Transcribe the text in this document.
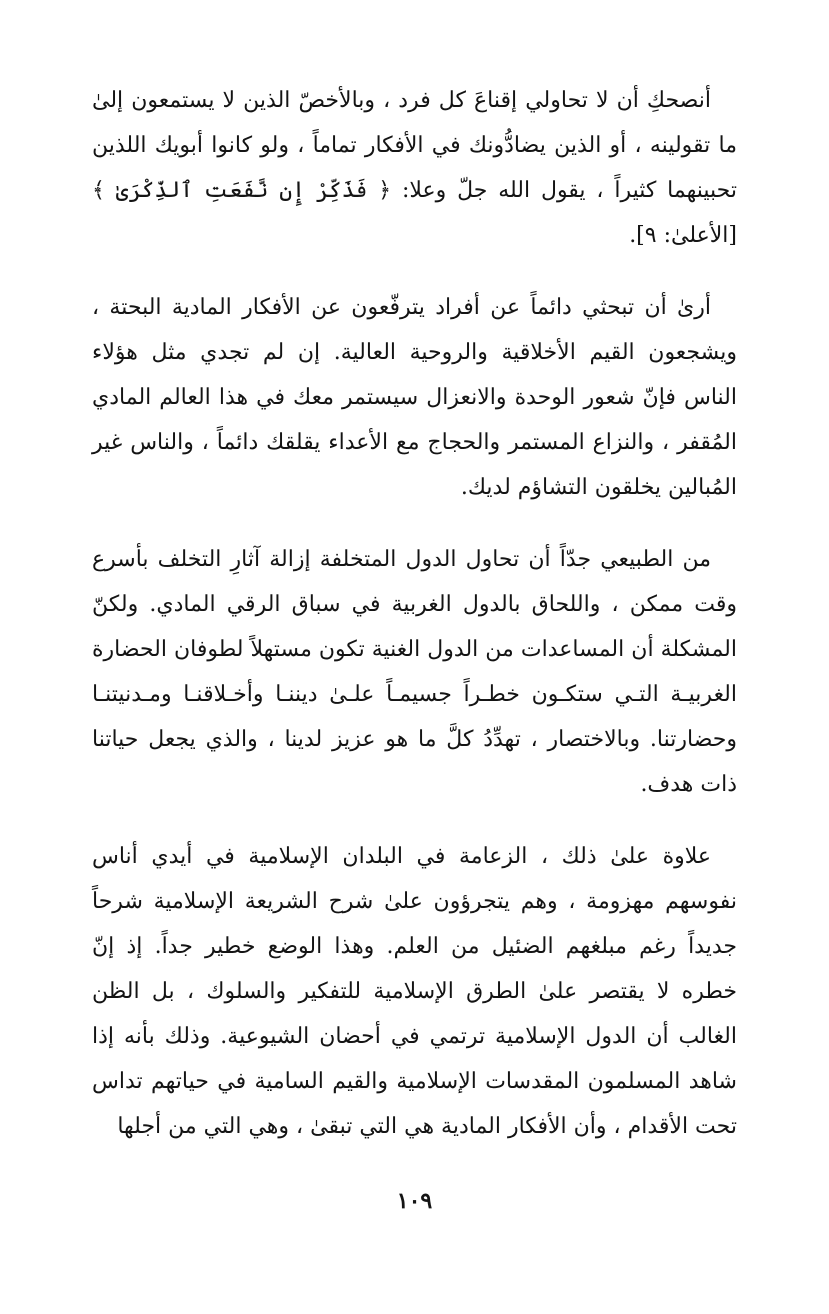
أنصحكِ أن لا تحاولي إقناعَ كل فرد ، وبالأخصّ الذين لا يستمعون إلىٰ ما تقولينه ، أو الذين يضادُّونك في الأفكار تماماً ، ولو كانوا أبويك اللذين تحبينهما كثيراً ، يقول الله جلّ وعلا: ﴿ فَذَكِّرْ إِن نَّفَعَتِ ٱلذِّكْرَىٰ ﴾ [الأعلىٰ: ٩].

أرىٰ أن تبحثي دائماً عن أفراد يترفّعون عن الأفكار المادية البحتة ، ويشجعون القيم الأخلاقية والروحية العالية. إن لم تجدي مثل هؤلاء الناس فإنّ شعور الوحدة والانعزال سيستمر معك في هذا العالم المادي المُقفر ، والنزاع المستمر والحجاج مع الأعداء يقلقك دائماً ، والناس غير المُبالين يخلقون التشاؤم لديك.

من الطبيعي جدّاً أن تحاول الدول المتخلفة إزالة آثارِ التخلف بأسرع وقت ممكن ، واللحاق بالدول الغربية في سباق الرقي المادي. ولكنّ المشكلة أن المساعدات من الدول الغنية تكون مستهلاً لطوفان الحضارة الغربيـة التـي ستكـون خطـراً جسيمـاً علـىٰ ديننـا وأخـلاقنـا ومـدنيتنـا وحضارتنا. وبالاختصار ، تهدِّدُ كلَّ ما هو عزيز لدينا ، والذي يجعل حياتنا ذات هدف.

علاوة علىٰ ذلك ، الزعامة في البلدان الإسلامية في أيدي أناس نفوسهم مهزومة ، وهم يتجرؤون علىٰ شرح الشريعة الإسلامية شرحاً جديداً رغم مبلغهم الضئيل من العلم. وهذا الوضع خطير جداً. إذ إنّ خطره لا يقتصر علىٰ الطرق الإسلامية للتفكير والسلوك ، بل الظن الغالب أن الدول الإسلامية ترتمي في أحضان الشيوعية. وذلك بأنه إذا شاهد المسلمون المقدسات الإسلامية والقيم السامية في حياتهم تداس تحت الأقدام ، وأن الأفكار المادية هي التي تبقىٰ ، وهي التي من أجلها

١٠٩
